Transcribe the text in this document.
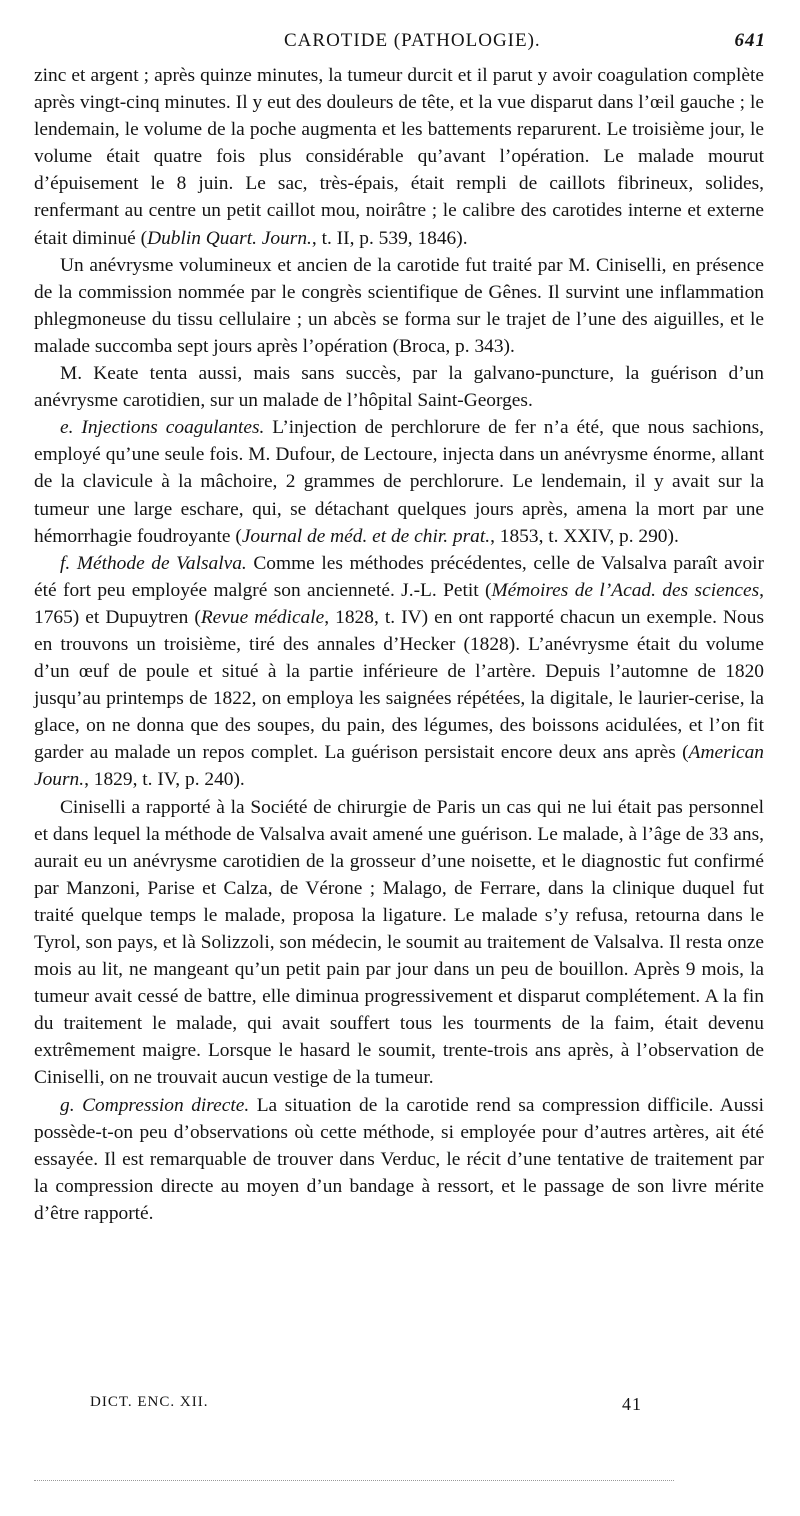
CAROTIDE (PATHOLOGIE).	641

zinc et argent ; après quinze minutes, la tumeur durcit et il parut y avoir coagulation complète après vingt-cinq minutes. Il y eut des douleurs de tête, et la vue disparut dans l’œil gauche ; le lendemain, le volume de la poche augmenta et les battements reparurent. Le troisième jour, le volume était quatre fois plus considérable qu’avant l’opération. Le malade mourut d’épuisement le 8 juin. Le sac, très-épais, était rempli de caillots fibrineux, solides, renfermant au centre un petit caillot mou, noirâtre ; le calibre des carotides interne et externe était diminué (Dublin Quart. Journ., t. II, p. 539, 1846).

Un anévrysme volumineux et ancien de la carotide fut traité par M. Ciniselli, en présence de la commission nommée par le congrès scientifique de Gênes. Il survint une inflammation phlegmoneuse du tissu cellulaire ; un abcès se forma sur le trajet de l’une des aiguilles, et le malade succomba sept jours après l’opération (Broca, p. 343).

M. Keate tenta aussi, mais sans succès, par la galvano-puncture, la guérison d’un anévrysme carotidien, sur un malade de l’hôpital Saint-Georges.

e. Injections coagulantes. L’injection de perchlorure de fer n’a été, que nous sachions, employé qu’une seule fois. M. Dufour, de Lectoure, injecta dans un anévrysme énorme, allant de la clavicule à la mâchoire, 2 grammes de perchlorure. Le lendemain, il y avait sur la tumeur une large eschare, qui, se détachant quelques jours après, amena la mort par une hémorrhagie foudroyante (Journal de méd. et de chir. prat., 1853, t. XXIV, p. 290).

f. Méthode de Valsalva. Comme les méthodes précédentes, celle de Valsalva paraît avoir été fort peu employée malgré son ancienneté. J.-L. Petit (Mémoires de l’Acad. des sciences, 1765) et Dupuytren (Revue médicale, 1828, t. IV) en ont rapporté chacun un exemple. Nous en trouvons un troisième, tiré des annales d’Hecker (1828). L’anévrysme était du volume d’un œuf de poule et situé à la partie inférieure de l’artère. Depuis l’automne de 1820 jusqu’au printemps de 1822, on employa les saignées répétées, la digitale, le laurier-cerise, la glace, on ne donna que des soupes, du pain, des légumes, des boissons acidulées, et l’on fit garder au malade un repos complet. La guérison persistait encore deux ans après (American Journ., 1829, t. IV, p. 240).

Ciniselli a rapporté à la Société de chirurgie de Paris un cas qui ne lui était pas personnel et dans lequel la méthode de Valsalva avait amené une guérison. Le malade, à l’âge de 33 ans, aurait eu un anévrysme carotidien de la grosseur d’une noisette, et le diagnostic fut confirmé par Manzoni, Parise et Calza, de Vérone ; Malago, de Ferrare, dans la clinique duquel fut traité quelque temps le malade, proposa la ligature. Le malade s’y refusa, retourna dans le Tyrol, son pays, et là Solizzoli, son médecin, le soumit au traitement de Valsalva. Il resta onze mois au lit, ne mangeant qu’un petit pain par jour dans un peu de bouillon. Après 9 mois, la tumeur avait cessé de battre, elle diminua progressivement et disparut complétement. A la fin du traitement le malade, qui avait souffert tous les tourments de la faim, était devenu extrêmement maigre. Lorsque le hasard le soumit, trente-trois ans après, à l’observation de Ciniselli, on ne trouvait aucun vestige de la tumeur.

g. Compression directe. La situation de la carotide rend sa compression difficile. Aussi possède-t-on peu d’observations où cette méthode, si employée pour d’autres artères, ait été essayée. Il est remarquable de trouver dans Verduc, le récit d’une tentative de traitement par la compression directe au moyen d’un bandage à ressort, et le passage de son livre mérite d’être rapporté.

DICT. ENC. XII.	41
